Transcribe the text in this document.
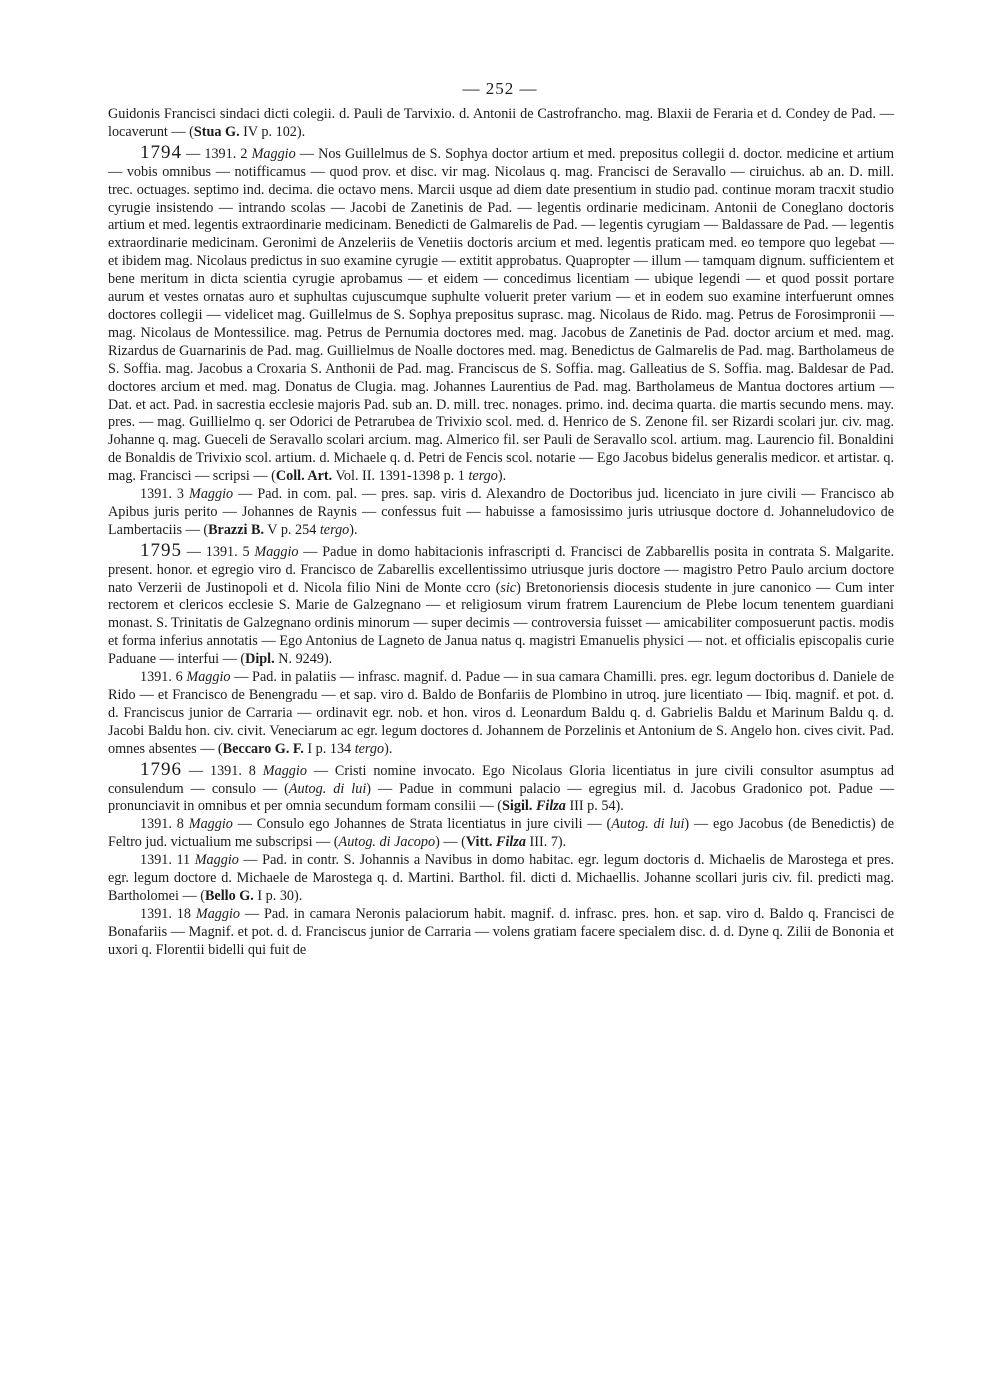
— 252 —

Guidonis Francisci sindaci dicti colegii. d. Pauli de Tarvixio. d. Antonii de Castrofrancho. mag. Blaxii de Feraria et d. Condey de Pad. — locaverunt — (Stua G. IV p. 102).

1794 — 1391. 2 Maggio — Nos Guillelmus de S. Sophya doctor artium et med. prepositus collegii d. doctor. medicine et artium — vobis omnibus — notifficamus — quod prov. et disc. vir mag. Nicolaus q. mag. Francisci de Seravallo — ciruichus. ab an. D. mill. trec. octuages. septimo ind. decima. die octavo mens. Marcii usque ad diem date presentium in studio pad. continue moram tracxit studio cyrugie insistendo — intrando scolas — Jacobi de Zanetinis de Pad. — legentis ordinarie medicinam. Antonii de Coneglano doctoris artium et med. legentis extraordinarie medicinam. Benedicti de Galmarelis de Pad. — legentis cyrugiam — Baldassare de Pad. — legentis extraordinarie medicinam. Geronimi de Anzeleriis de Venetiis doctoris arcium et med. legentis praticam med. eo tempore quo legebat — et ibidem mag. Nicolaus predictus in suo examine cyrugie — extitit approbatus. Quapropter — illum — tamquam dignum. sufficientem et bene meritum in dicta scientia cyrugie aprobamus — et eidem — concedimus licentiam — ubique legendi — et quod possit portare aurum et vestes ornatas auro et suphultas cujuscumque suphulte voluerit preter varium — et in eodem suo examine interfuerunt omnes doctores collegii — videlicet mag. Guillelmus de S. Sophya prepositus suprasc. mag. Nicolaus de Rido. mag. Petrus de Forosimpronii — mag. Nicolaus de Montessilice. mag. Petrus de Pernumia doctores med. mag. Jacobus de Zanetinis de Pad. doctor arcium et med. mag. Rizardus de Guarnarinis de Pad. mag. Guillielmus de Noalle doctores med. mag. Benedictus de Galmarelis de Pad. mag. Bartholameus de S. Soffia. mag. Jacobus a Croxaria S. Anthonii de Pad. mag. Franciscus de S. Soffia. mag. Galleatius de S. Soffia. mag. Baldesar de Pad. doctores arcium et med. mag. Donatus de Clugia. mag. Johannes Laurentius de Pad. mag. Bartholameus de Mantua doctores artium — Dat. et act. Pad. in sacrestia ecclesie majoris Pad. sub an. D. mill. trec. nonages. primo. ind. decima quarta. die martis secundo mens. may. pres. — mag. Guillielmo q. ser Odorici de Petrarubea de Trivixio scol. med. d. Henrico de S. Zenone fil. ser Rizardi scolari jur. civ. mag. Johanne q. mag. Gueceli de Seravallo scolari arcium. mag. Almerico fil. ser Pauli de Seravallo scol. artium. mag. Laurencio fil. Bonaldini de Bonaldis de Trivixio scol. artium. d. Michaele q. d. Petri de Fencis scol. notarie — Ego Jacobus bidelus generalis medicor. et artistar. q. mag. Francisci — scripsi — (Coll. Art. Vol. II. 1391-1398 p. 1 tergo).

1391. 3 Maggio — Pad. in com. pal. — pres. sap. viris d. Alexandro de Doctoribus jud. licenciato in jure civili — Francisco ab Apibus juris perito — Johannes de Raynis — confessus fuit — habuisse a famosissimo juris utriusque doctore d. Johanneludovico de Lambertaciis — (Brazzi B. V p. 254 tergo).

1795 — 1391. 5 Maggio — Padue in domo habitacionis infrascripti d. Francisci de Zabbarellis posita in contrata S. Malgarite. present. honor. et egregio viro d. Francisco de Zabarellis excellentissimo utriusque juris doctore — magistro Petro Paulo arcium doctore nato Verzerii de Justinopoli et d. Nicola filio Nini de Monte ccro (sic) Bretonoriensis diocesis studente in jure canonico — Cum inter rectorem et clericos ecclesie S. Marie de Galzegnano — et religiosum virum fratrem Laurencium de Plebe locum tenentem guardiani monast. S. Trinitatis de Galzegnano ordinis minorum — super decimis — controversia fuisset — amicabiliter composuerunt pactis. modis et forma inferius annotatis — Ego Antonius de Lagneto de Janua natus q. magistri Emanuelis physici — not. et officialis episcopalis curie Paduane — interfui — (Dipl. N. 9249).

1391. 6 Maggio — Pad. in palatiis — infrasc. magnif. d. Padue — in sua camara Chamilli. pres. egr. legum doctoribus d. Daniele de Rido — et Francisco de Benengradu — et sap. viro d. Baldo de Bonfariis de Plombino in utroq. jure licentiato — Ibiq. magnif. et pot. d. d. Franciscus junior de Carraria — ordinavit egr. nob. et hon. viros d. Leonardum Baldu q. d. Gabrielis Baldu et Marinum Baldu q. d. Jacobi Baldu hon. civ. civit. Veneciarum ac egr. legum doctores d. Johannem de Porzelinis et Antonium de S. Angelo hon. cives civit. Pad. omnes absentes — (Beccaro G. F. I p. 134 tergo).

1796 — 1391. 8 Maggio — Cristi nomine invocato. Ego Nicolaus Gloria licentiatus in jure civili consultor asumptus ad consulendum — consulo — (Autog. di lui) — Padue in communi palacio — egregius mil. d. Jacobus Gradonico pot. Padue — pronunciavit in omnibus et per omnia secundum formam consilii — (Sigil. Filza III p. 54).

1391. 8 Maggio — Consulo ego Johannes de Strata licentiatus in jure civili — (Autog. di lui) — ego Jacobus (de Benedictis) de Feltro jud. victualium me subscripsi — (Autog. di Jacopo) — (Vitt. Filza III. 7).

1391. 11 Maggio — Pad. in contr. S. Johannis a Navibus in domo habitac. egr. legum doctoris d. Michaelis de Marostega et pres. egr. legum doctore d. Michaele de Marostega q. d. Martini. Barthol. fil. dicti d. Michaellis. Johanne scollari juris civ. fil. predicti mag. Bartholomei — (Bello G. I p. 30).

1391. 18 Maggio — Pad. in camara Neronis palaciorum habit. magnif. d. infrasc. pres. hon. et sap. viro d. Baldo q. Francisci de Bonafariis — Magnif. et pot. d. d. Franciscus junior de Carraria — volens gratiam facere specialem disc. d. d. Dyne q. Zilii de Bononia et uxori q. Florentii bidelli qui fuit de
